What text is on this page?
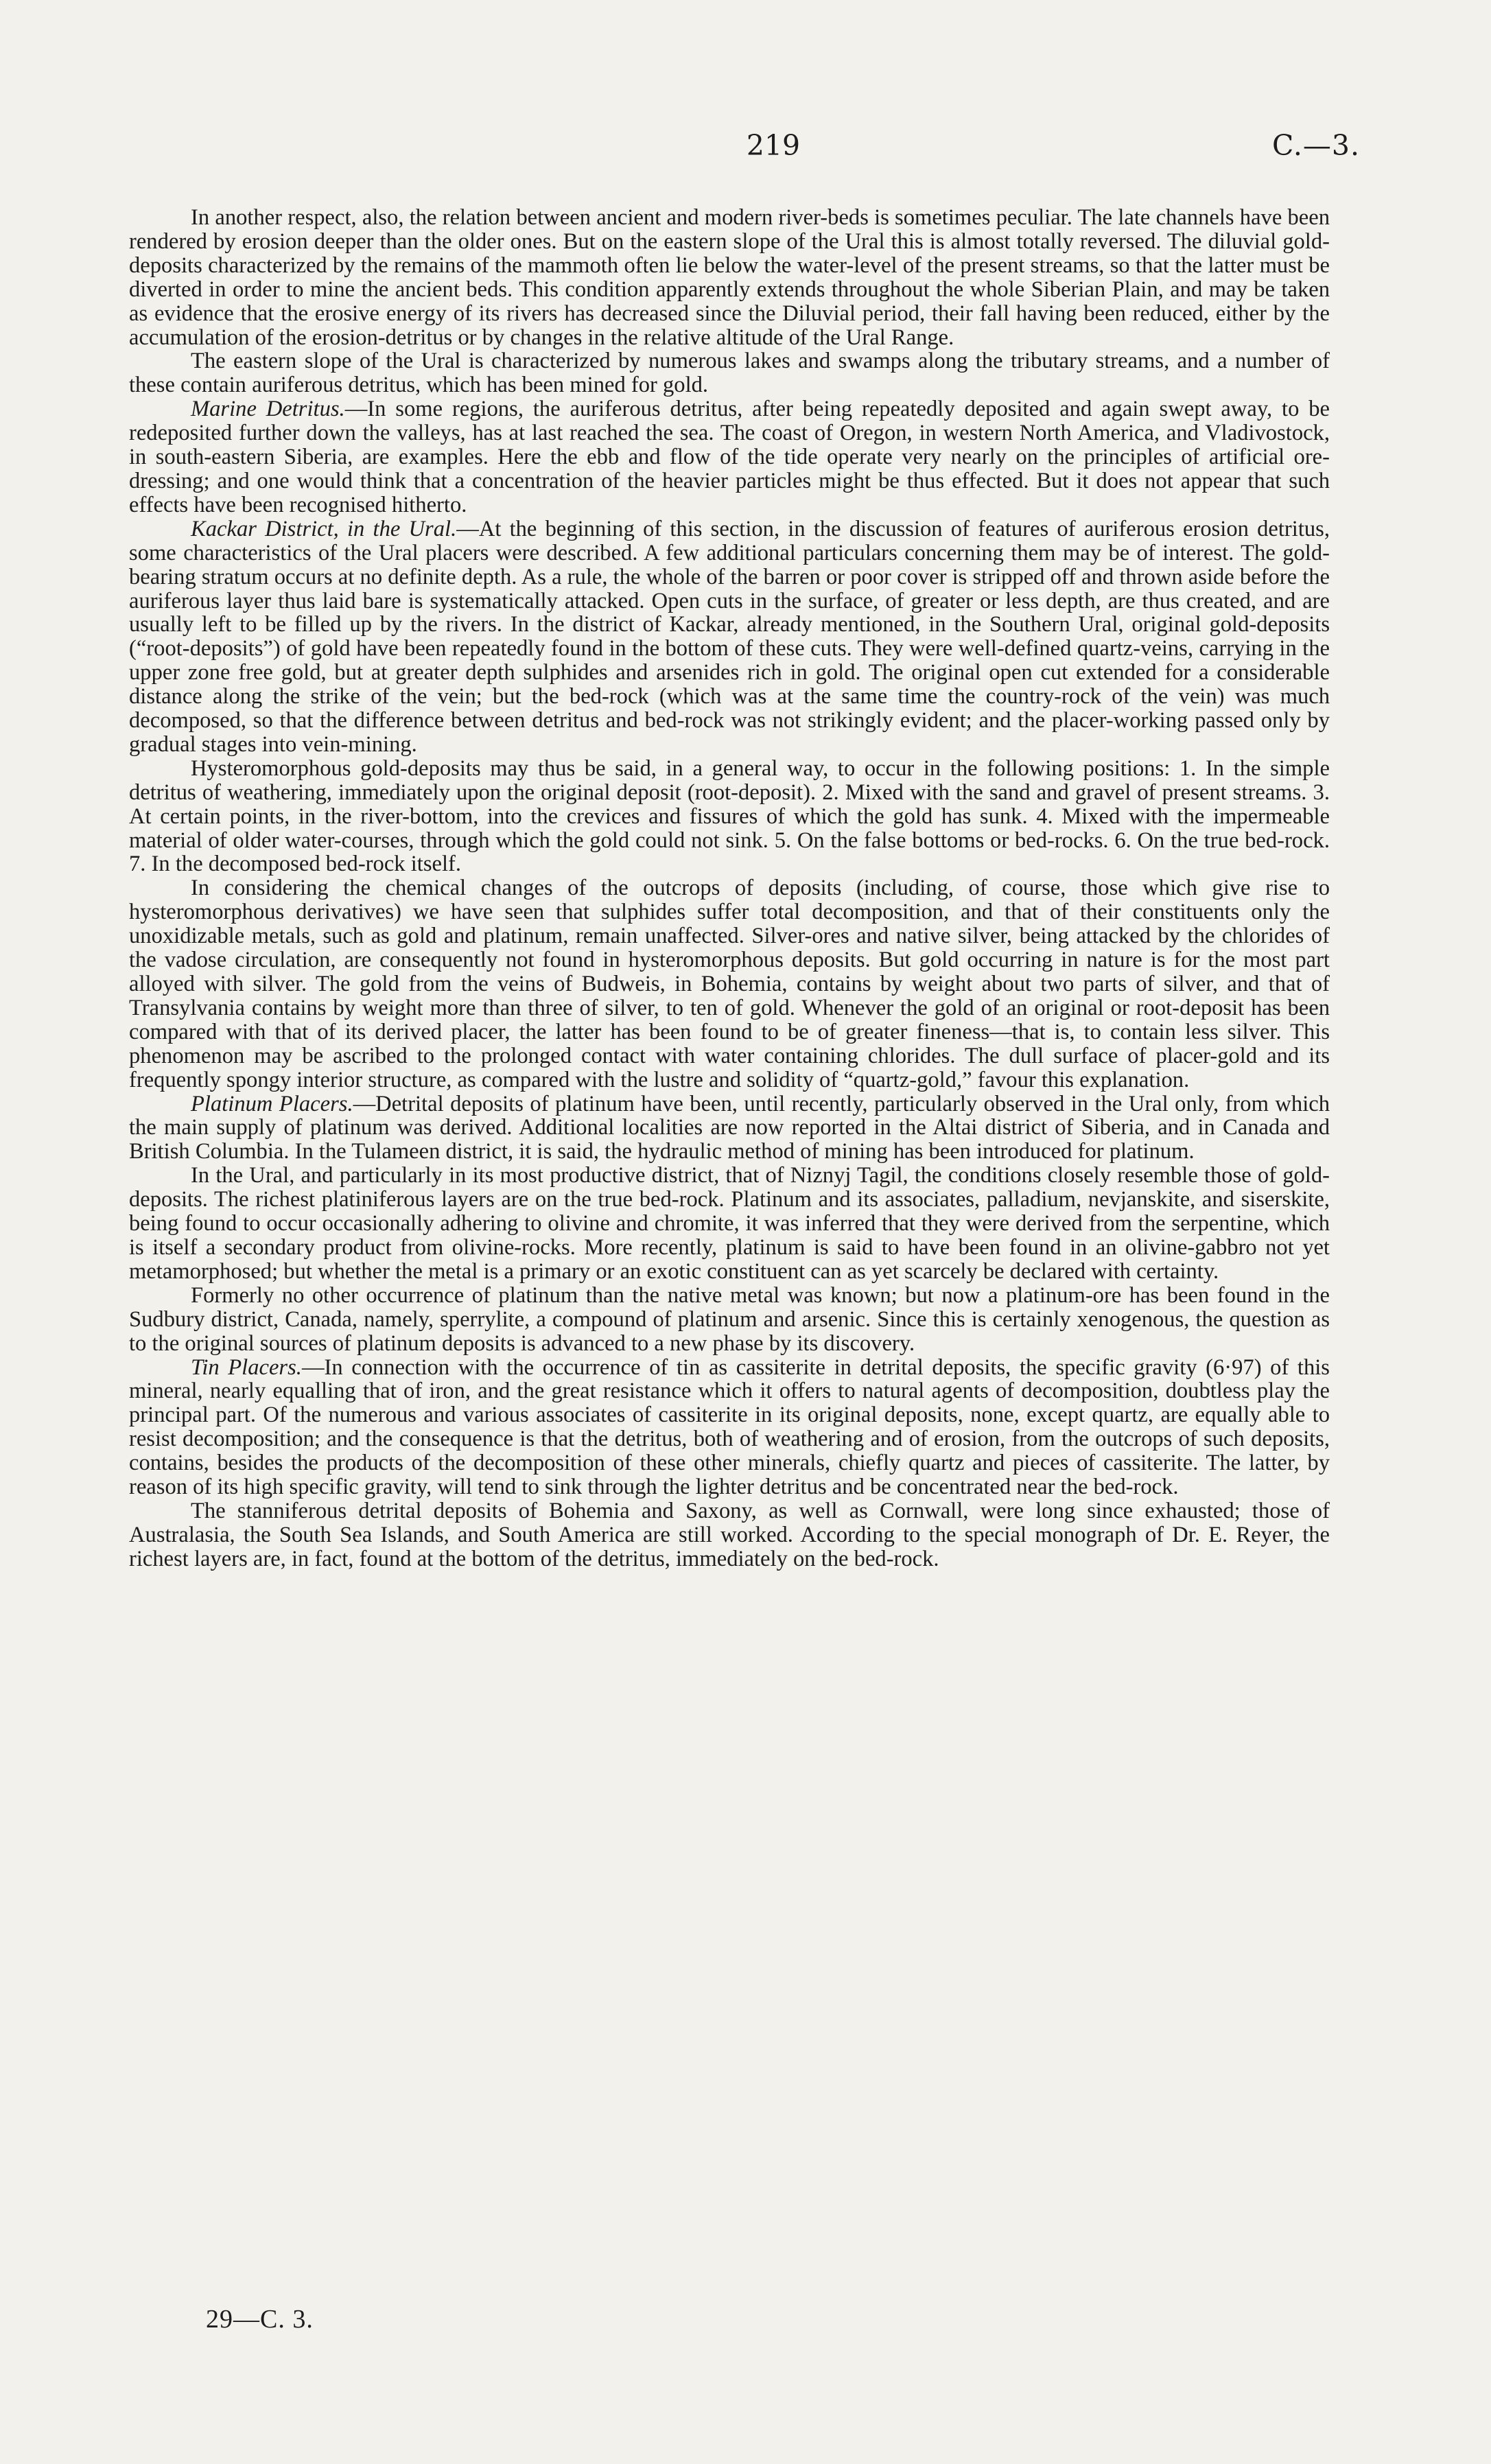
219	C.—3.

In another respect, also, the relation between ancient and modern river-beds is sometimes peculiar. The late channels have been rendered by erosion deeper than the older ones. But on the eastern slope of the Ural this is almost totally reversed. The diluvial gold-deposits characterized by the remains of the mammoth often lie below the water-level of the present streams, so that the latter must be diverted in order to mine the ancient beds. This condition apparently extends throughout the whole Siberian Plain, and may be taken as evidence that the erosive energy of its rivers has decreased since the Diluvial period, their fall having been reduced, either by the accumulation of the erosion-detritus or by changes in the relative altitude of the Ural Range.

The eastern slope of the Ural is characterized by numerous lakes and swamps along the tributary streams, and a number of these contain auriferous detritus, which has been mined for gold.

Marine Detritus.—In some regions, the auriferous detritus, after being repeatedly deposited and again swept away, to be redeposited further down the valleys, has at last reached the sea. The coast of Oregon, in western North America, and Vladivostock, in south-eastern Siberia, are examples. Here the ebb and flow of the tide operate very nearly on the principles of artificial ore-dressing; and one would think that a concentration of the heavier particles might be thus effected. But it does not appear that such effects have been recognised hitherto.

Kackar District, in the Ural.—At the beginning of this section, in the discussion of features of auriferous erosion detritus, some characteristics of the Ural placers were described. A few additional particulars concerning them may be of interest. The gold-bearing stratum occurs at no definite depth. As a rule, the whole of the barren or poor cover is stripped off and thrown aside before the auriferous layer thus laid bare is systematically attacked. Open cuts in the surface, of greater or less depth, are thus created, and are usually left to be filled up by the rivers. In the district of Kackar, already mentioned, in the Southern Ural, original gold-deposits (“root-deposits”) of gold have been repeatedly found in the bottom of these cuts. They were well-defined quartz-veins, carrying in the upper zone free gold, but at greater depth sulphides and arsenides rich in gold. The original open cut extended for a considerable distance along the strike of the vein; but the bed-rock (which was at the same time the country-rock of the vein) was much decomposed, so that the difference between detritus and bed-rock was not strikingly evident; and the placer-working passed only by gradual stages into vein-mining.

Hysteromorphous gold-deposits may thus be said, in a general way, to occur in the following positions: 1. In the simple detritus of weathering, immediately upon the original deposit (root-deposit). 2. Mixed with the sand and gravel of present streams. 3. At certain points, in the river-bottom, into the crevices and fissures of which the gold has sunk. 4. Mixed with the impermeable material of older water-courses, through which the gold could not sink. 5. On the false bottoms or bed-rocks. 6. On the true bed-rock. 7. In the decomposed bed-rock itself.

In considering the chemical changes of the outcrops of deposits (including, of course, those which give rise to hysteromorphous derivatives) we have seen that sulphides suffer total decomposition, and that of their constituents only the unoxidizable metals, such as gold and platinum, remain unaffected. Silver-ores and native silver, being attacked by the chlorides of the vadose circulation, are consequently not found in hysteromorphous deposits. But gold occurring in nature is for the most part alloyed with silver. The gold from the veins of Budweis, in Bohemia, contains by weight about two parts of silver, and that of Transylvania contains by weight more than three of silver, to ten of gold. Whenever the gold of an original or root-deposit has been compared with that of its derived placer, the latter has been found to be of greater fineness—that is, to contain less silver. This phenomenon may be ascribed to the prolonged contact with water containing chlorides. The dull surface of placer-gold and its frequently spongy interior structure, as compared with the lustre and solidity of “quartz-gold,” favour this explanation.

Platinum Placers.—Detrital deposits of platinum have been, until recently, particularly observed in the Ural only, from which the main supply of platinum was derived. Additional localities are now reported in the Altai district of Siberia, and in Canada and British Columbia. In the Tulameen district, it is said, the hydraulic method of mining has been introduced for platinum.

In the Ural, and particularly in its most productive district, that of Niznyj Tagil, the conditions closely resemble those of gold-deposits. The richest platiniferous layers are on the true bed-rock. Platinum and its associates, palladium, nevjanskite, and siserskite, being found to occur occasionally adhering to olivine and chromite, it was inferred that they were derived from the serpentine, which is itself a secondary product from olivine-rocks. More recently, platinum is said to have been found in an olivine-gabbro not yet metamorphosed; but whether the metal is a primary or an exotic constituent can as yet scarcely be declared with certainty.

Formerly no other occurrence of platinum than the native metal was known; but now a platinum-ore has been found in the Sudbury district, Canada, namely, sperrylite, a compound of platinum and arsenic. Since this is certainly xenogenous, the question as to the original sources of platinum deposits is advanced to a new phase by its discovery.

Tin Placers.—In connection with the occurrence of tin as cassiterite in detrital deposits, the specific gravity (6·97) of this mineral, nearly equalling that of iron, and the great resistance which it offers to natural agents of decomposition, doubtless play the principal part. Of the numerous and various associates of cassiterite in its original deposits, none, except quartz, are equally able to resist decomposition; and the consequence is that the detritus, both of weathering and of erosion, from the outcrops of such deposits, contains, besides the products of the decomposition of these other minerals, chiefly quartz and pieces of cassiterite. The latter, by reason of its high specific gravity, will tend to sink through the lighter detritus and be concentrated near the bed-rock.

The stanniferous detrital deposits of Bohemia and Saxony, as well as Cornwall, were long since exhausted; those of Australasia, the South Sea Islands, and South America are still worked. According to the special monograph of Dr. E. Reyer, the richest layers are, in fact, found at the bottom of the detritus, immediately on the bed-rock.

29—C. 3.
